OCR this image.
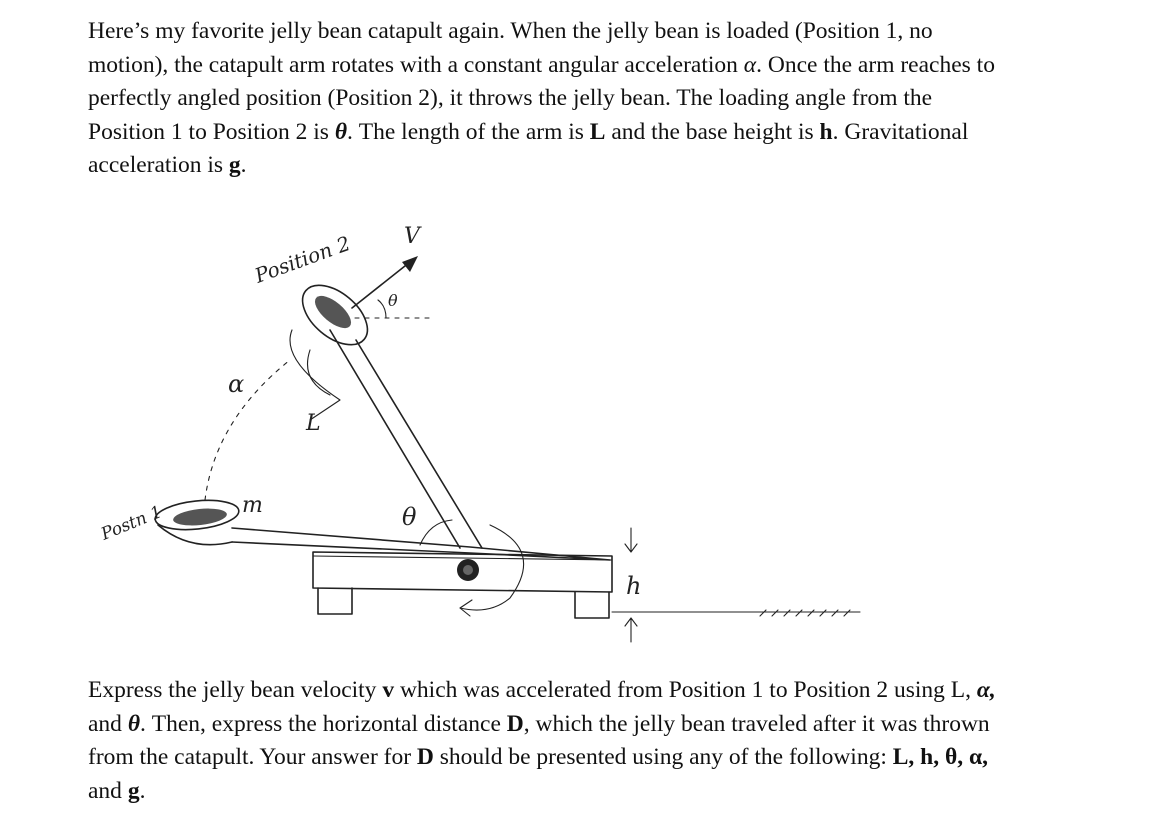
Here’s my favorite jelly bean catapult again. When the jelly bean is loaded (Position 1, no
motion), the catapult arm rotates with a constant angular acceleration α. Once the arm reaches to
perfectly angled position (Position 2), it throws the jelly bean. The loading angle from the
Position 1 to Position 2 is θ. The length of the arm is L and the base height is h. Gravitational
acceleration is g.
Position 2
Postn 1
V
θ
α
L
m	θ
h
Express the jelly bean velocity v which was accelerated from Position 1 to Position 2 using L, α,
and θ. Then, express the horizontal distance D, which the jelly bean traveled after it was thrown
from the catapult. Your answer for D should be presented using any of the following: L, h, θ, α,
and g.
